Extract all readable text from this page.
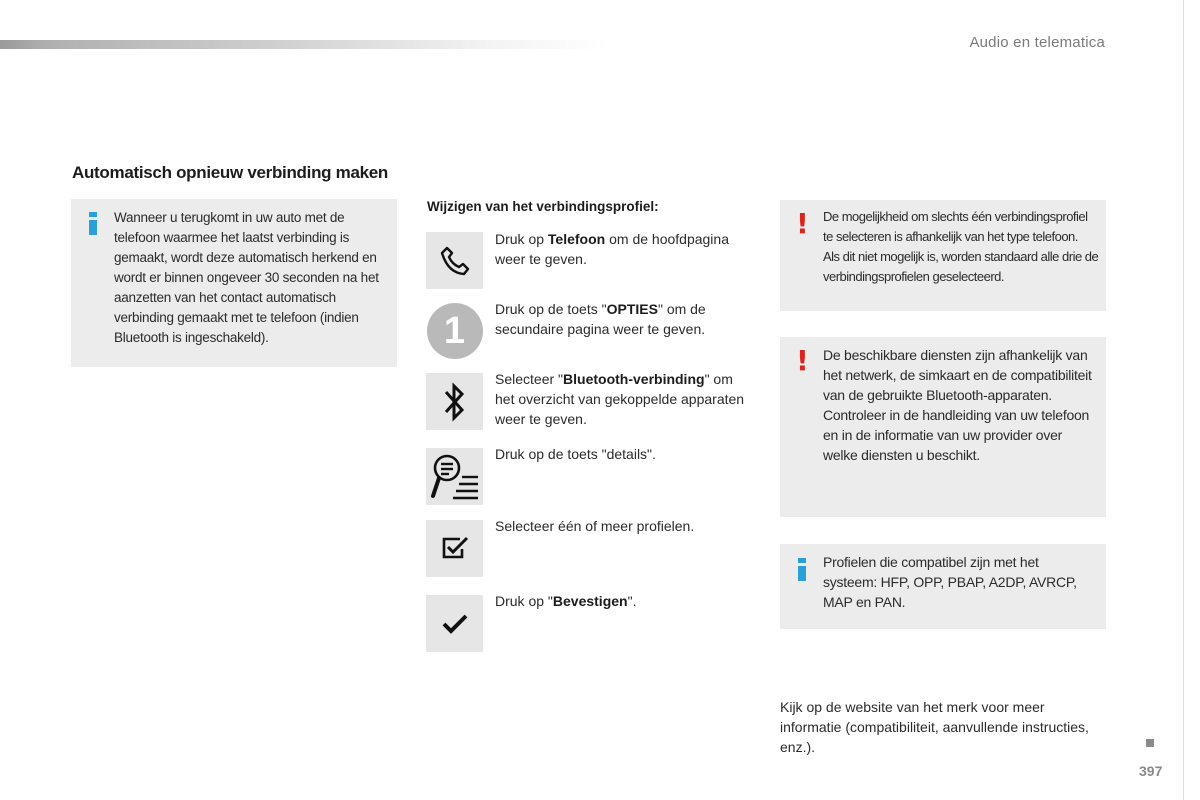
Audio en telematica
Automatisch opnieuw verbinding maken
Wanneer u terugkomt in uw auto met de telefoon waarmee het laatst verbinding is gemaakt, wordt deze automatisch herkend en wordt er binnen ongeveer 30 seconden na het aanzetten van het contact automatisch verbinding gemaakt met te telefoon (indien Bluetooth is ingeschakeld).
Wijzigen van het verbindingsprofiel:
Druk op Telefoon om de hoofdpagina weer te geven.
1
Druk op de toets "OPTIES" om de secundaire pagina weer te geven.
Selecteer "Bluetooth-verbinding" om het overzicht van gekoppelde apparaten weer te geven.
Druk op de toets "details".
Selecteer één of meer profielen.
Druk op "Bevestigen".
! De mogelijkheid om slechts één verbindingsprofiel te selecteren is afhankelijk van het type telefoon.
Als dit niet mogelijk is, worden standaard alle drie de verbindingsprofielen geselecteerd.
! De beschikbare diensten zijn afhankelijk van het netwerk, de simkaart en de compatibiliteit van de gebruikte Bluetooth-apparaten. Controleer in de handleiding van uw telefoon en in de informatie van uw provider over welke diensten u beschikt.
Profielen die compatibel zijn met het systeem: HFP, OPP, PBAP, A2DP, AVRCP, MAP en PAN.
Kijk op de website van het merk voor meer informatie (compatibiliteit, aanvullende instructies, enz.).
397
